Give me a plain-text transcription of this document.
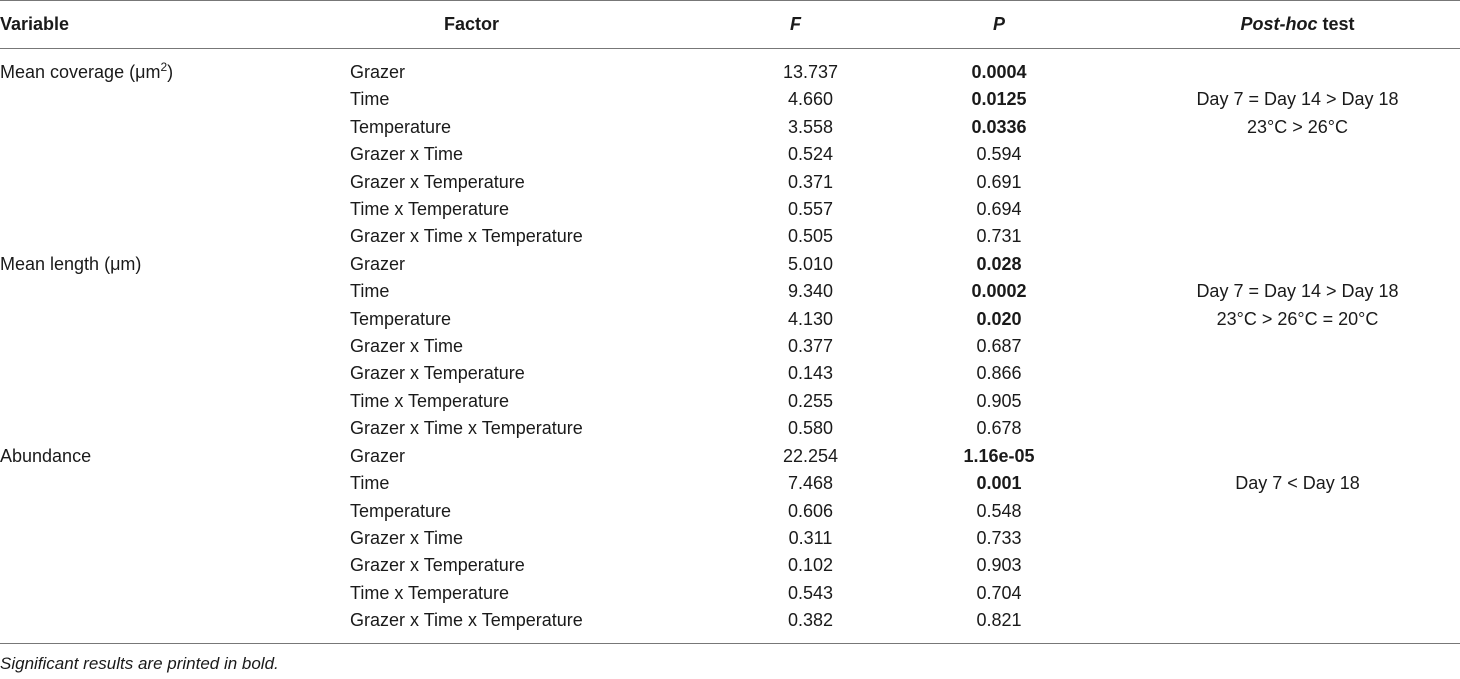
Variable	Factor	F	P	Post-hoc test
Mean coverage $(\mu m^2)$	Grazer	13.737	0.0004	
	Time	4.660	0.0125	Day 7 = Day 14 > Day 18
	Temperature	3.558	0.0336	23°C > 26°C
	Grazer x Time	0.524	0.594	
	Grazer x Temperature	0.371	0.691	
	Time x Temperature	0.557	0.694	
	Grazer x Time x Temperature	0.505	0.731	
Mean length (μm)	Grazer	5.010	0.028	
	Time	9.340	0.0002	Day 7 = Day 14 > Day 18
	Temperature	4.130	0.020	23°C > 26°C = 20°C
	Grazer x Time	0.377	0.687	
	Grazer x Temperature	0.143	0.866	
	Time x Temperature	0.255	0.905	
	Grazer x Time x Temperature	0.580	0.678	
Abundance	Grazer	22.254	1.16e-05	
	Time	7.468	0.001	Day 7 < Day 18
	Temperature	0.606	0.548	
	Grazer x Time	0.311	0.733	
	Grazer x Temperature	0.102	0.903	
	Time x Temperature	0.543	0.704	
	Grazer x Time x Temperature	0.382	0.821	
Significant results are printed in bold.
